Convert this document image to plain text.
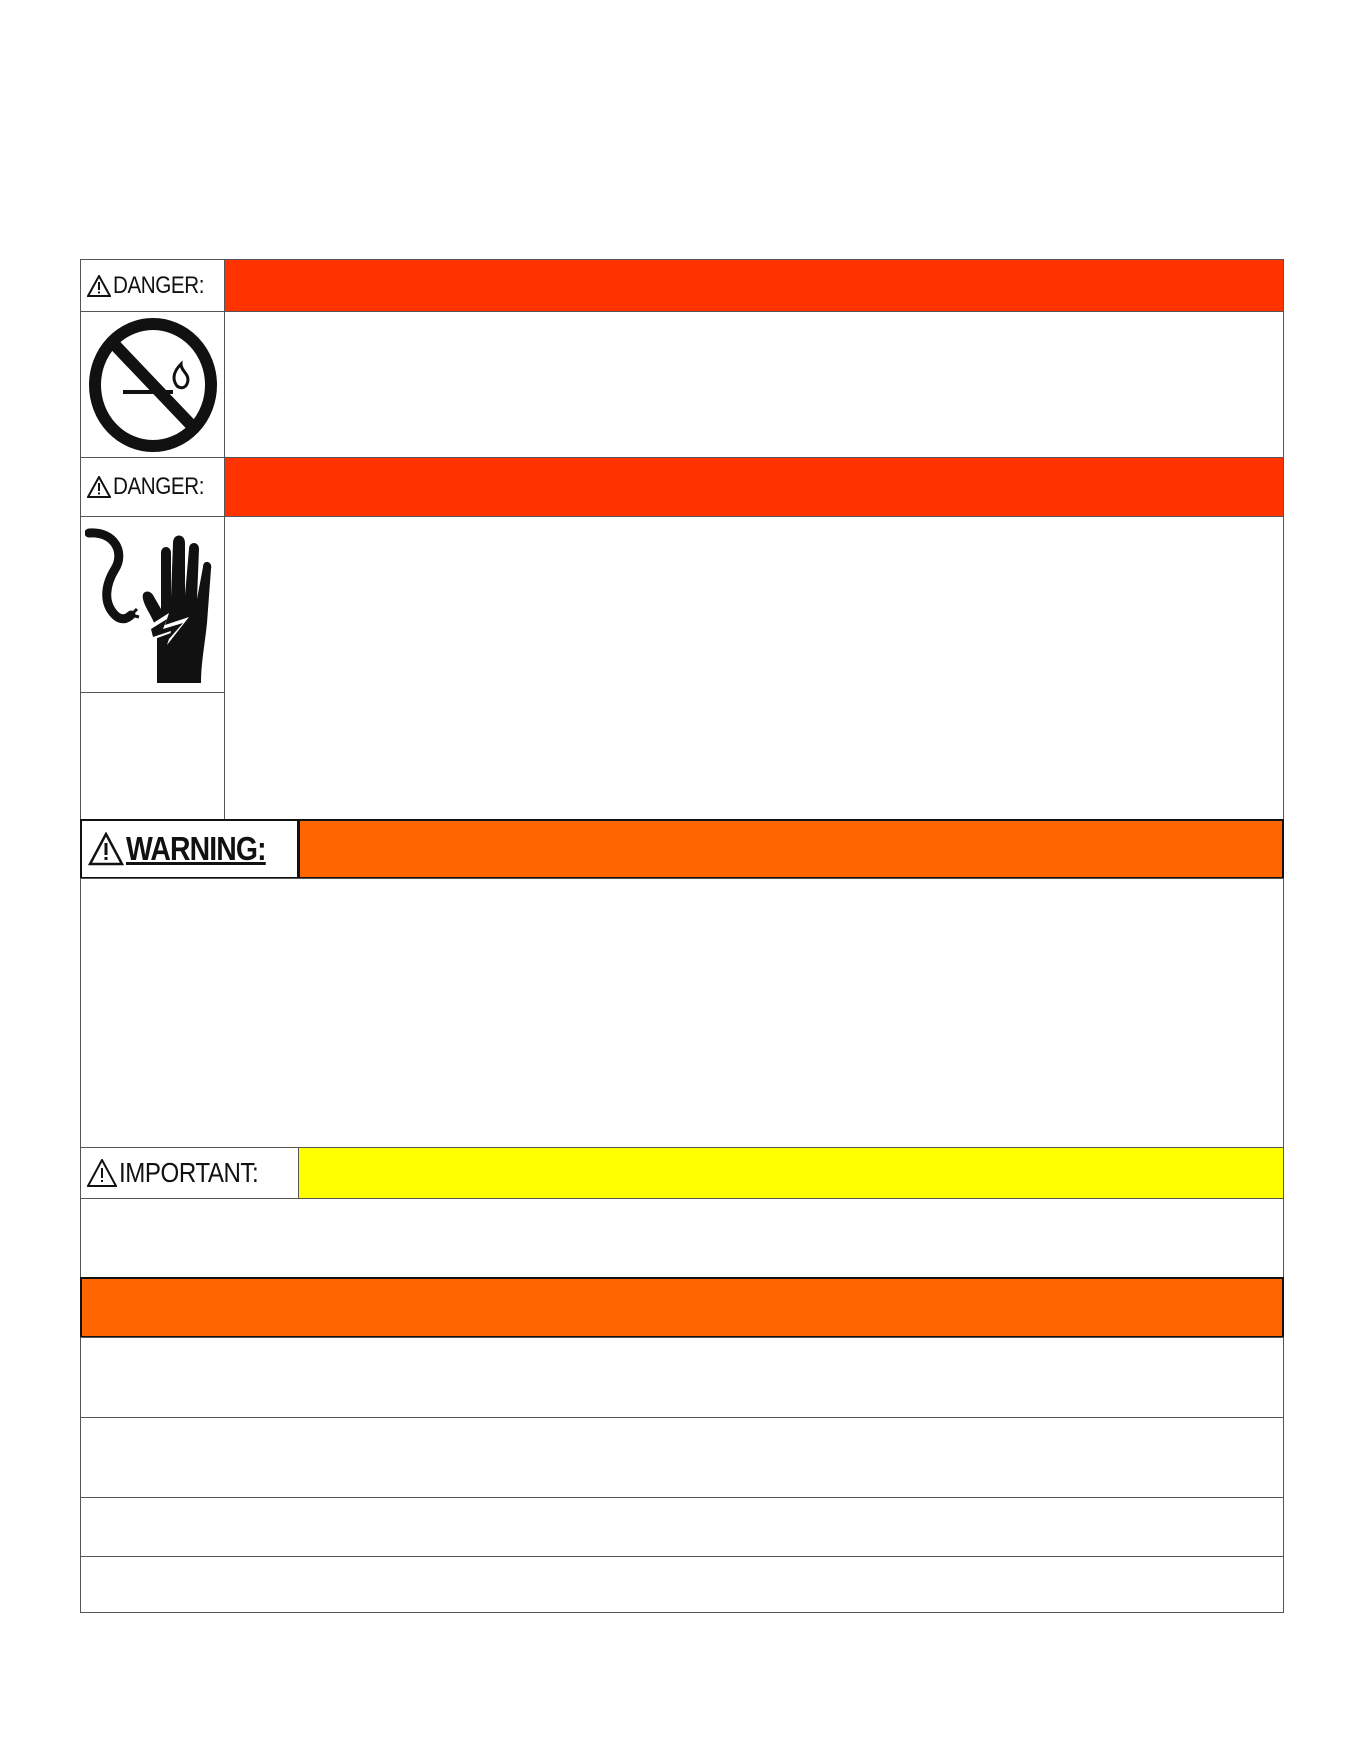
DANGER:
DANGER:
WARNING:
IMPORTANT:
